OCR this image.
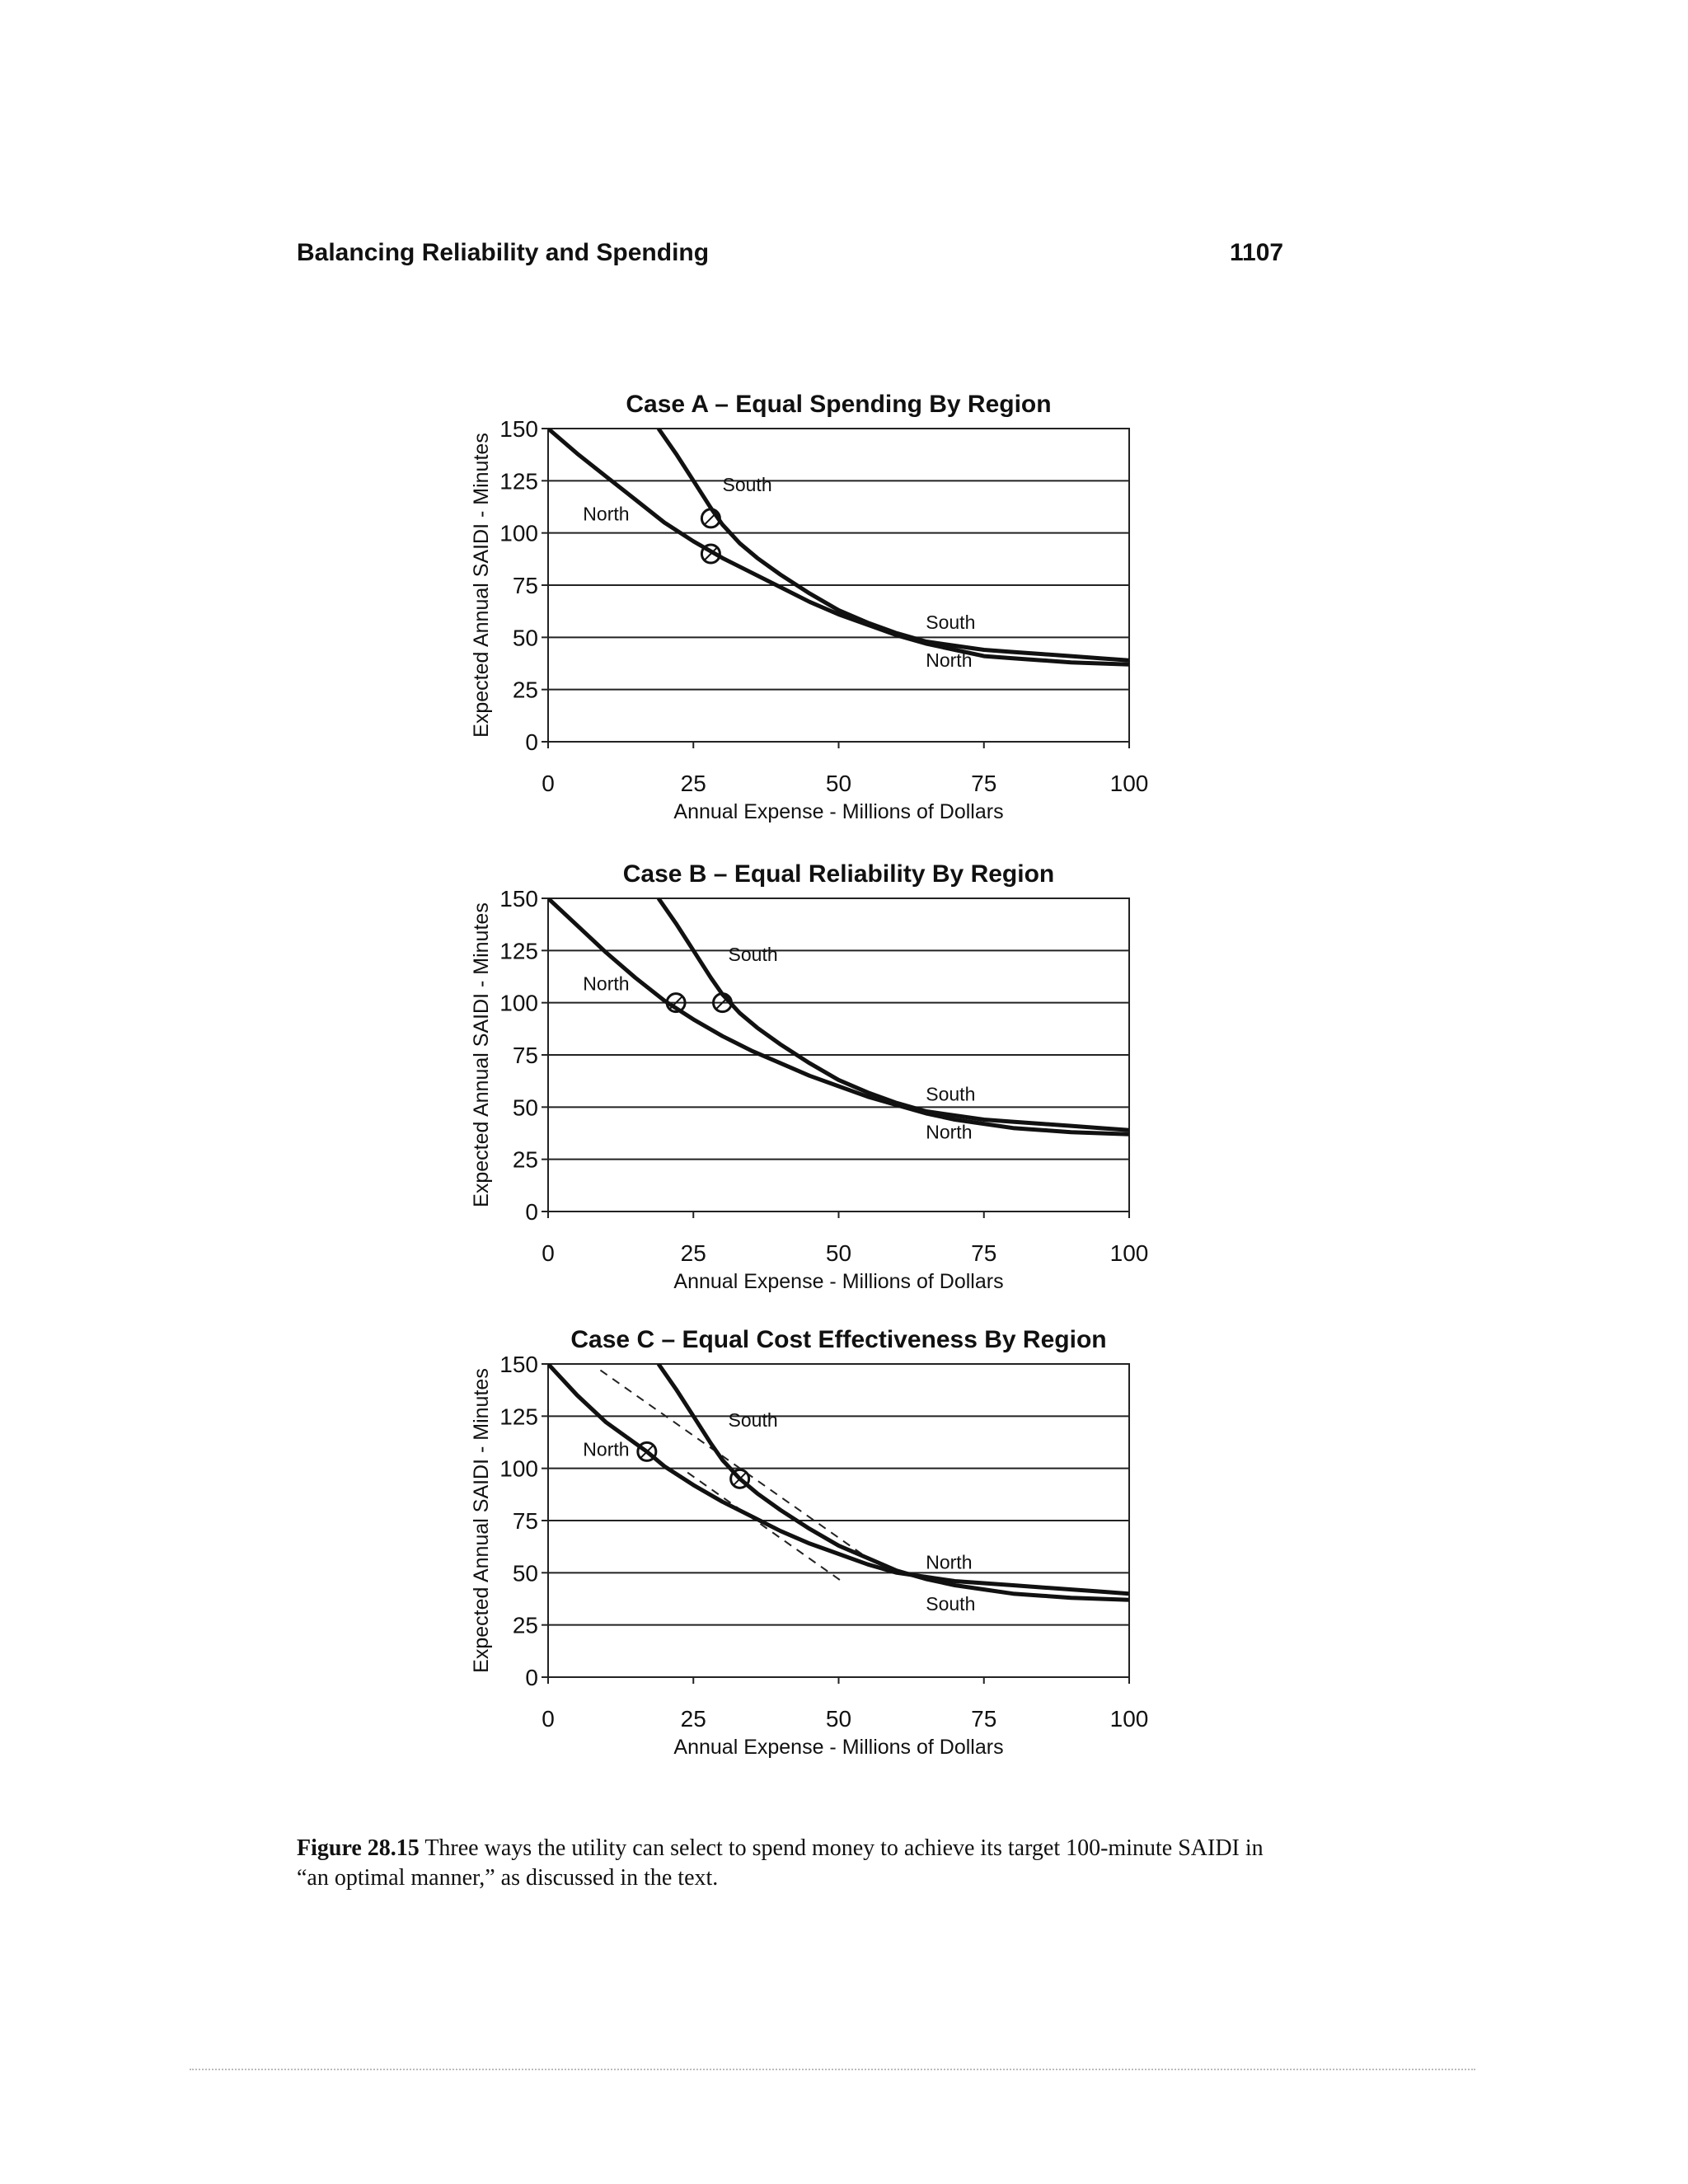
Balancing Reliability and Spending	1107
Case A – Equal Spending By Region
0
25
50
75
100
125
150
0	25	50	75	100
Annual Expense - Millions of Dollars
Expected Annual SAIDI - Minutes	South
North
South
North
Case B – Equal Reliability By Region
0
25
50
75
100
125
150
0	25	50	75	100
Annual Expense - Millions of Dollars
Expected Annual SAIDI - Minutes	South
North
South
North
Case C – Equal Cost Effectiveness By Region
0
25
50
75
100
125
150
0	25	50	75	100
Annual Expense - Millions of Dollars
Expected Annual SAIDI - Minutes	South
North
North
South
Figure 28.15 Three ways the utility can select to spend money to achieve its target 100-minute SAIDI in “an optimal manner,” as discussed in the text.
